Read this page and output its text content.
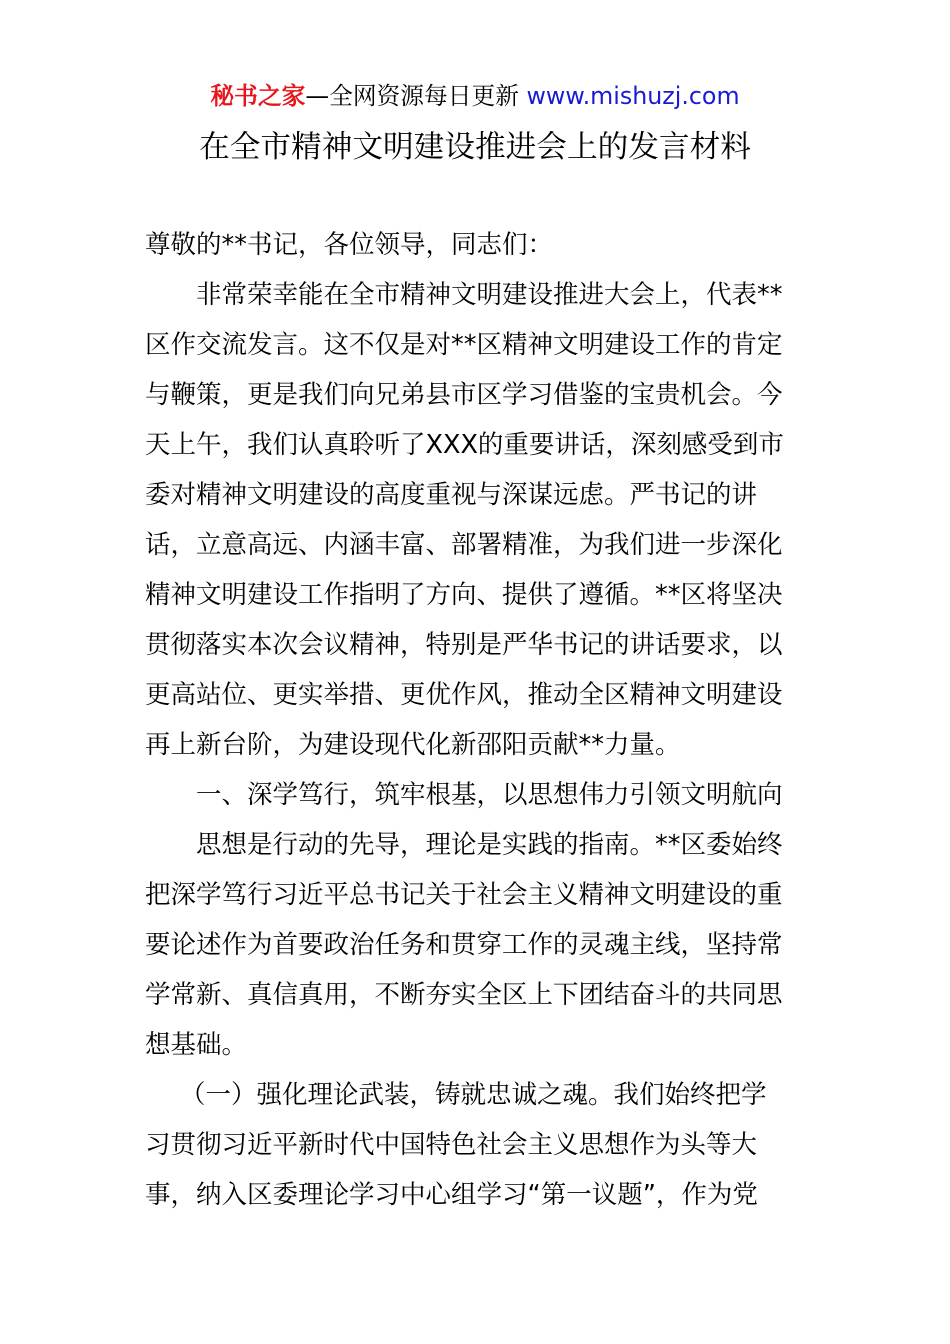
秘书之家—全网资源每日更新 www.mishuzj.com
在全市精神文明建设推进会上的发言材料
尊敬的**书记，各位领导，同志们：
非常荣幸能在全市精神文明建设推进大会上，代表**
区作交流发言。这不仅是对**区精神文明建设工作的肯定
与鞭策，更是我们向兄弟县市区学习借鉴的宝贵机会。今
天上午，我们认真聆听了XXX的重要讲话，深刻感受到市
委对精神文明建设的高度重视与深谋远虑。严书记的讲
话，立意高远、内涵丰富、部署精准，为我们进一步深化
精神文明建设工作指明了方向、提供了遵循。**区将坚决
贯彻落实本次会议精神，特别是严华书记的讲话要求，以
更高站位、更实举措、更优作风，推动全区精神文明建设
再上新台阶，为建设现代化新邵阳贡献**力量。
一、深学笃行，筑牢根基，以思想伟力引领文明航向
思想是行动的先导，理论是实践的指南。**区委始终
把深学笃行习近平总书记关于社会主义精神文明建设的重
要论述作为首要政治任务和贯穿工作的灵魂主线，坚持常
学常新、真信真用，不断夯实全区上下团结奋斗的共同思
想基础。
（一）强化理论武装，铸就忠诚之魂。我们始终把学
习贯彻习近平新时代中国特色社会主义思想作为头等大
事，纳入区委理论学习中心组学习“第一议题”，作为党
